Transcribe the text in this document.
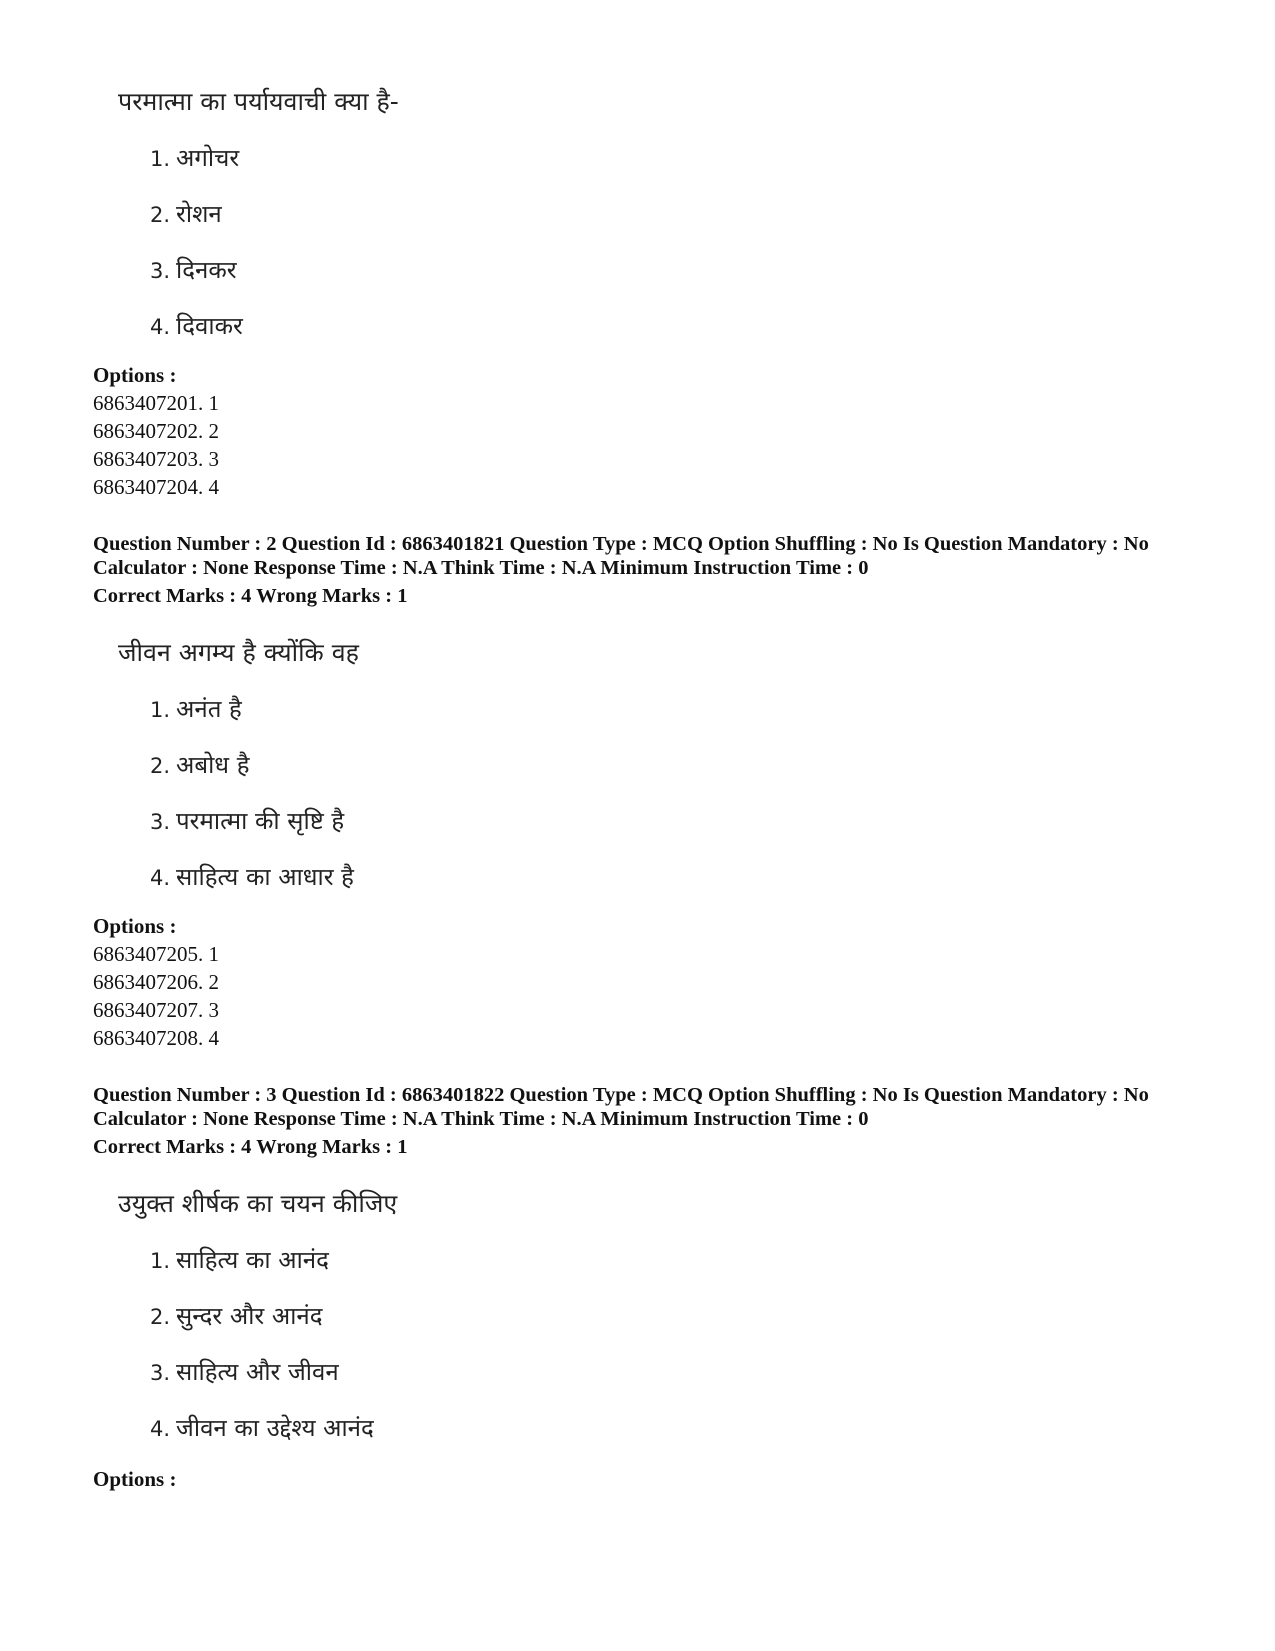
परमात्मा का पर्यायवाची क्या है-
1. अगोचर
2. रोशन
3. दिनकर
4. दिवाकर
Options :
6863407201. 1
6863407202. 2
6863407203. 3
6863407204. 4
Question Number : 2 Question Id : 6863401821 Question Type : MCQ Option Shuffling : No Is Question Mandatory : No
Calculator : None Response Time : N.A Think Time : N.A Minimum Instruction Time : 0
Correct Marks : 4 Wrong Marks : 1
जीवन अगम्य है क्योंकि वह
1. अनंत है
2. अबोध है
3. परमात्मा की सृष्टि है
4. साहित्य का आधार है
Options :
6863407205. 1
6863407206. 2
6863407207. 3
6863407208. 4
Question Number : 3 Question Id : 6863401822 Question Type : MCQ Option Shuffling : No Is Question Mandatory : No
Calculator : None Response Time : N.A Think Time : N.A Minimum Instruction Time : 0
Correct Marks : 4 Wrong Marks : 1
उयुक्त शीर्षक का चयन कीजिए
1. साहित्य का आनंद
2. सुन्दर और आनंद
3. साहित्य और जीवन
4. जीवन का उद्देश्य आनंद
Options :
